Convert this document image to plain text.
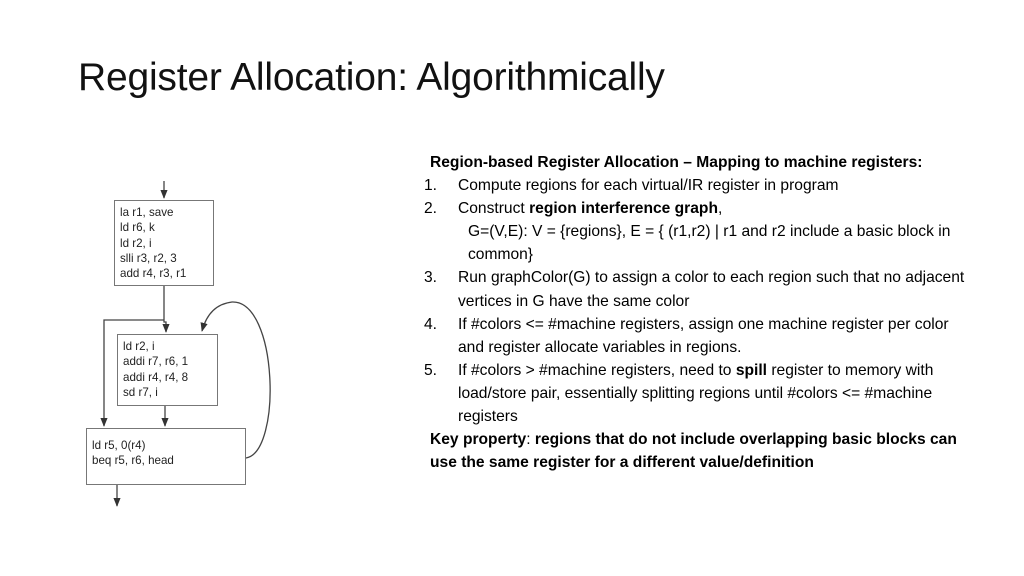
Register Allocation: Algorithmically
la r1, save
ld r6, k
ld r2, i
slli r3, r2, 3
add r4, r3, r1
ld r2, i
addi r7, r6, 1
addi r4, r4, 8
sd r7, i
ld r5, 0(r4)
beq r5, r6, head
Region-based Register Allocation – Mapping to machine registers:
1. Compute regions for each virtual/IR register in program
2. Construct region interference graph,
G=(V,E): V = {regions}, E = { (r1,r2) | r1 and r2 include a basic block in common}
3. Run graphColor(G) to assign a color to each region such that no adjacent vertices in G have the same color
4. If #colors <= #machine registers, assign one machine register per color and register allocate variables in regions.
5. If #colors > #machine registers, need to spill register to memory with load/store pair, essentially splitting regions until #colors <= #machine registers
Key property: regions that do not include overlapping basic blocks can use the same register for a different value/definition
